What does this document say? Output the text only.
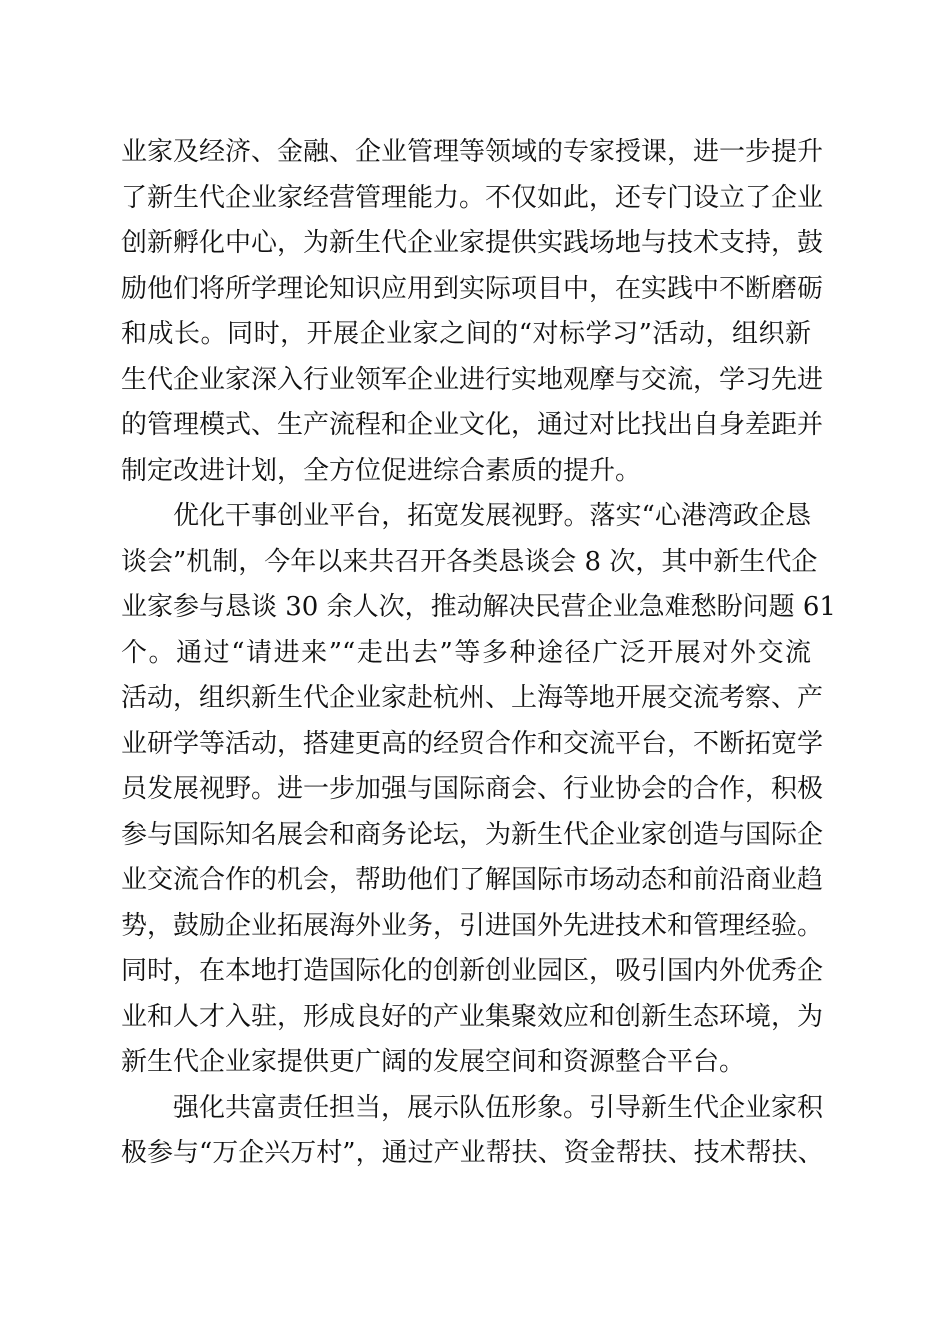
业家及经济、金融、企业管理等领域的专家授课，进一步提升
了新生代企业家经营管理能力。不仅如此，还专门设立了企业
创新孵化中心，为新生代企业家提供实践场地与技术支持，鼓
励他们将所学理论知识应用到实际项目中，在实践中不断磨砺
和成长。同时，开展企业家之间的“对标学习”活动，组织新
生代企业家深入行业领军企业进行实地观摩与交流，学习先进
的管理模式、生产流程和企业文化，通过对比找出自身差距并
制定改进计划，全方位促进综合素质的提升。
优化干事创业平台，拓宽发展视野。落实“心港湾政企恳
谈会”机制，今年以来共召开各类恳谈会 8 次，其中新生代企
业家参与恳谈 30 余人次，推动解决民营企业急难愁盼问题 61
个。通过“请进来”“走出去”等多种途径广泛开展对外交流
活动，组织新生代企业家赴杭州、上海等地开展交流考察、产
业研学等活动，搭建更高的经贸合作和交流平台，不断拓宽学
员发展视野。进一步加强与国际商会、行业协会的合作，积极
参与国际知名展会和商务论坛，为新生代企业家创造与国际企
业交流合作的机会，帮助他们了解国际市场动态和前沿商业趋
势，鼓励企业拓展海外业务，引进国外先进技术和管理经验。
同时，在本地打造国际化的创新创业园区，吸引国内外优秀企
业和人才入驻，形成良好的产业集聚效应和创新生态环境，为
新生代企业家提供更广阔的发展空间和资源整合平台。
强化共富责任担当，展示队伍形象。引导新生代企业家积
极参与“万企兴万村”，通过产业帮扶、资金帮扶、技术帮扶、
